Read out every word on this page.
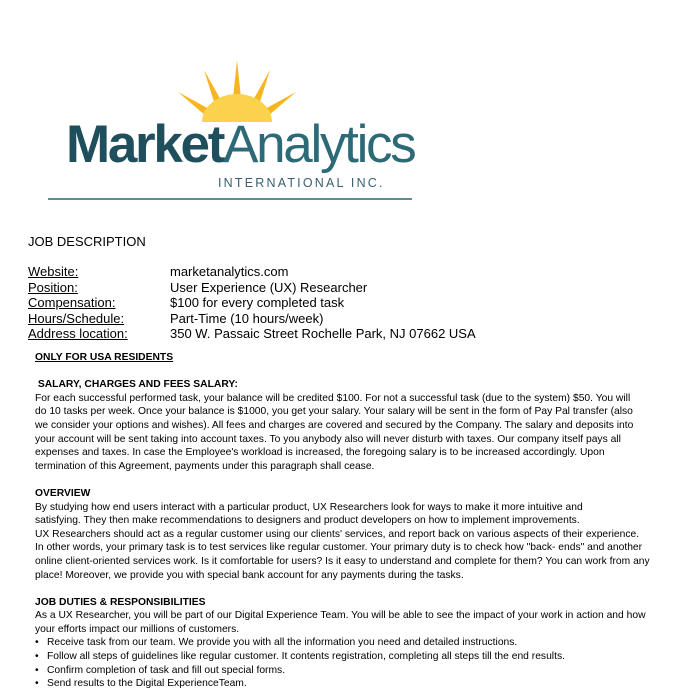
MarketAnalytics
INTERNATIONAL INC.
JOB DESCRIPTION
Website:	marketanalytics.com
Position:	User Experience (UX) Researcher
Compensation:	$100 for every completed task
Hours/Schedule:	Part-Time (10 hours/week)
Address location:	350 W. Passaic Street Rochelle Park, NJ 07662 USA

ONLY FOR USA RESIDENTS

SALARY, CHARGES AND FEES SALARY:

For each successful performed task, your balance will be credited $100. For not a successful task (due to the system) $50. You will

do 10 tasks per week. Once your balance is $1000, you get your salary. Your salary will be sent in the form of Pay Pal transfer (also

we consider your options and wishes). All fees and charges are covered and secured by the Company. The salary and deposits into

your account will be sent taking into account taxes. To you anybody also will never disturb with taxes. Our company itself pays all

expenses and taxes. In case the Employee's workload is increased, the foregoing salary is to be increased accordingly. Upon

termination of this Agreement, payments under this paragraph shall cease.

OVERVIEW

By studying how end users interact with a particular product, UX Researchers look for ways to make it more intuitive and

satisfying. They then make recommendations to designers and product developers on how to implement improvements.

UX Researchers should act as a regular customer using our clients' services, and report back on various aspects of their experience.

In other words, your primary task is to test services like regular customer. Your primary duty is to check how "back- ends" and another

online client-oriented services work. Is it comfortable for users? Is it easy to understand and complete for them? You can work from any

place! Moreover, we provide you with special bank account for any payments during the tasks.

JOB DUTIES & RESPONSIBILITIES

As a UX Researcher, you will be part of our Digital Experience Team. You will be able to see the impact of your work in action and how

your efforts impact our millions of customers.

• Receive task from our team. We provide you with all the information you need and detailed instructions.
• Follow all steps of guidelines like regular customer. It contents registration, completing all steps till the end results.
• Confirm completion of task and fill out special forms.
• Send results to the Digital ExperienceTeam.
